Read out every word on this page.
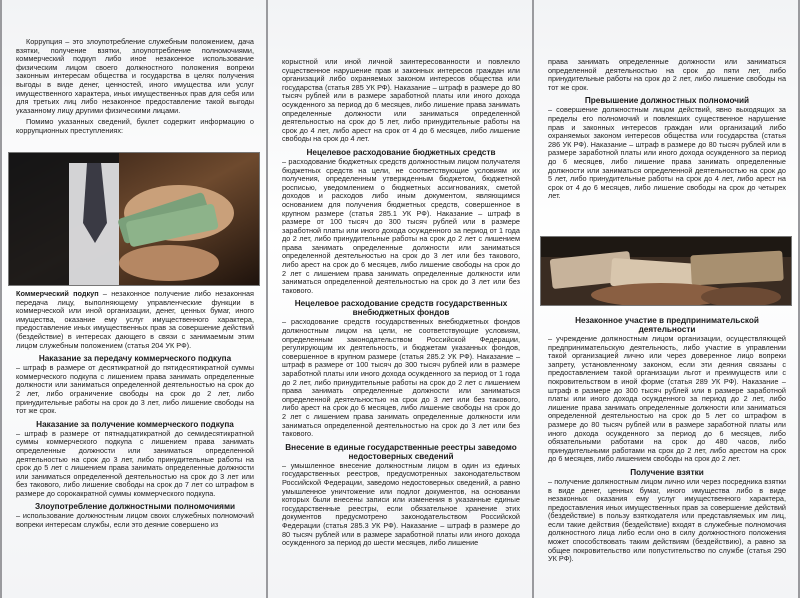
Коррупция – это злоупотребление служебным положением, дача взятки, получение взятки, злоупотребление полномочиями, коммерческий подкуп либо иное незаконное использование физическим лицом своего должностного положения вопреки законным интересам общества и государства в целях получения выгоды в виде денег, ценностей, иного имущества или услуг имущественного характера, иных имущественных прав для себя или для третьих лиц либо незаконное предоставление такой выгоды указанному лицу другими физическими лицами.

Помимо указанных сведений, буклет содержит информацию о коррупционных преступлениях:

Коммерческий подкуп – незаконное получение либо незаконная передача лицу, выполняющему управленческие функции в коммерческой или иной организации, денег, ценных бумаг, иного имущества, оказание ему услуг имущественного характера, предоставление иных имущественных прав за совершение действий (бездействие) в интересах дающего в связи с занимаемым этим лицом служебным положением (статья 204 УК РФ).

Наказание за передачу коммерческого подкупа

– штраф в размере от десятикратной до пятидесятикратной суммы коммерческого подкупа с лишением права занимать определенные должности или заниматься определенной деятельностью на срок до 2 лет, либо ограничение свободы на срок до 2 лет, либо принудительные работы на срок до 3 лет, либо лишение свободы на тот же срок.

Наказание за получение коммерческого подкупа

– штраф в размере от пятнадцатикратной до семидесятикратной суммы коммерческого подкупа с лишением права занимать определенные должности или заниматься определенной деятельностью на срок до 3 лет, либо принудительные работы на срок до 5 лет с лишением права занимать определенные должности или заниматься определенной деятельностью на срок до 3 лет или без такового, либо лишение свободы на срок до 7 лет со штрафом в размере до сорокакратной суммы коммерческого подкупа.

Злоупотребление должностными полномочиями

– использование должностным лицом своих служебных полномочий вопреки интересам службы, если это деяние совершено из

корыстной или иной личной заинтересованности и повлекло существенное нарушение прав и законных интересов граждан или организаций либо охраняемых законом интересов общества или государства (статья 285 УК РФ). Наказание – штраф в размере до 80 тысяч рублей или в размере заработной платы или иного дохода осужденного за период до 6 месяцев, либо лишение права занимать определенные должности или заниматься определенной деятельностью на срок до 5 лет, либо принудительные работы на срок до 4 лет, либо арест на срок от 4 до 6 месяцев, либо лишение свободы на срок до 4 лет.

Нецелевое расходование бюджетных средств

– расходование бюджетных средств должностным лицом получателя бюджетных средств на цели, не соответствующие условиям их получения, определенным утвержденным бюджетом, бюджетной росписью, уведомлением о бюджетных ассигнованиях, сметой доходов и расходов либо иным документом, являющимся основанием для получения бюджетных средств, совершенное в крупном размере (статья 285.1 УК РФ). Наказание – штраф в размере от 100 тысяч до 300 тысяч рублей или в размере заработной платы или иного дохода осужденного за период от 1 года до 2 лет, либо принудительные работы на срок до 2 лет с лишением права занимать определенные должности или заниматься определенной деятельностью на срок до 3 лет или без такового, либо арест на срок до 6 месяцев, либо лишение свободы на срок до 2 лет с лишением права занимать определенные должности или заниматься определенной деятельностью на срок до 3 лет или без такового.

Нецелевое расходование средств государственных внебюджетных фондов

– расходование средств государственных внебюджетных фондов должностным лицом на цели, не соответствующие условиям, определенным законодательством Российской Федерации, регулирующим их деятельность, и бюджетам указанных фондов, совершенное в крупном размере (статья 285.2 УК РФ). Наказание – штраф в размере от 100 тысяч до 300 тысяч рублей или в размере заработной платы или иного дохода осужденного за период от 1 года до 2 лет, либо принудительные работы на срок до 2 лет с лишением права занимать определенные должности или заниматься определенной деятельностью на срок до 3 лет или без такового, либо арест на срок до 6 месяцев, либо лишение свободы на срок до 2 лет с лишением права занимать определенные должности или заниматься определенной деятельностью на срок до 3 лет или без такового.

Внесение в единые государственные реестры заведомо недостоверных сведений

– умышленное внесение должностным лицом в один из единых государственных реестров, предусмотренных законодательством Российской Федерации, заведомо недостоверных сведений, а равно умышленное уничтожение или подлог документов, на основании которых были внесены записи или изменения в указанные единые государственные реестры, если обязательное хранение этих документов предусмотрено законодательством Российской Федерации (статья 285.3 УК РФ). Наказание – штраф в размере до 80 тысяч рублей или в размере заработной платы или иного дохода осужденного за период до шести месяцев, либо лишение

права занимать определенные должности или заниматься определенной деятельностью на срок до пяти лет, либо принудительные работы на срок до 2 лет, либо лишение свободы на тот же срок.

Превышение должностных полномочий

– совершение должностным лицом действий, явно выходящих за пределы его полномочий и повлекших существенное нарушение прав и законных интересов граждан или организаций либо охраняемых законом интересов общества или государства (статья 286 УК РФ). Наказание – штраф в размере до 80 тысяч рублей или в размере заработной платы или иного дохода осужденного за период до 6 месяцев, либо лишение права занимать определенные должности или заниматься определенной деятельностью на срок до 5 лет, либо принудительные работы на срок до 4 лет, либо арест на срок от 4 до 6 месяцев, либо лишение свободы на срок до четырех лет.

Незаконное участие в предпринимательской деятельности

– учреждение должностным лицом организации, осуществляющей предпринимательскую деятельность, либо участие в управлении такой организацией лично или через доверенное лицо вопреки запрету, установленному законом, если эти деяния связаны с предоставлением такой организации льгот и преимуществ или с покровительством в иной форме (статья 289 УК РФ). Наказание – штраф в размере до 300 тысяч рублей или в размере заработной платы или иного дохода осужденного за период до 2 лет, либо лишение права занимать определенные должности или заниматься определенной деятельностью на срок до 5 лет со штрафом в размере до 80 тысяч рублей или в размере заработной платы или иного дохода осужденного за период до 6 месяцев, либо обязательными работами на срок до 480 часов, либо принудительными работами на срок до 2 лет, либо арестом на срок до 6 месяцев, либо лишением свободы на срок до 2 лет.

Получение взятки

– получение должностным лицом лично или через посредника взятки в виде денег, ценных бумаг, иного имущества либо в виде незаконных оказания ему услуг имущественного характера, предоставления иных имущественных прав за совершение действий (бездействие) в пользу взяткодателя или представляемых им лиц, если такие действия (бездействие) входят в служебные полномочия должностного лица либо если оно в силу должностного положения может способствовать таким действиям (бездействию), а равно за общее покровительство или попустительство по службе (статья 290 УК РФ).
